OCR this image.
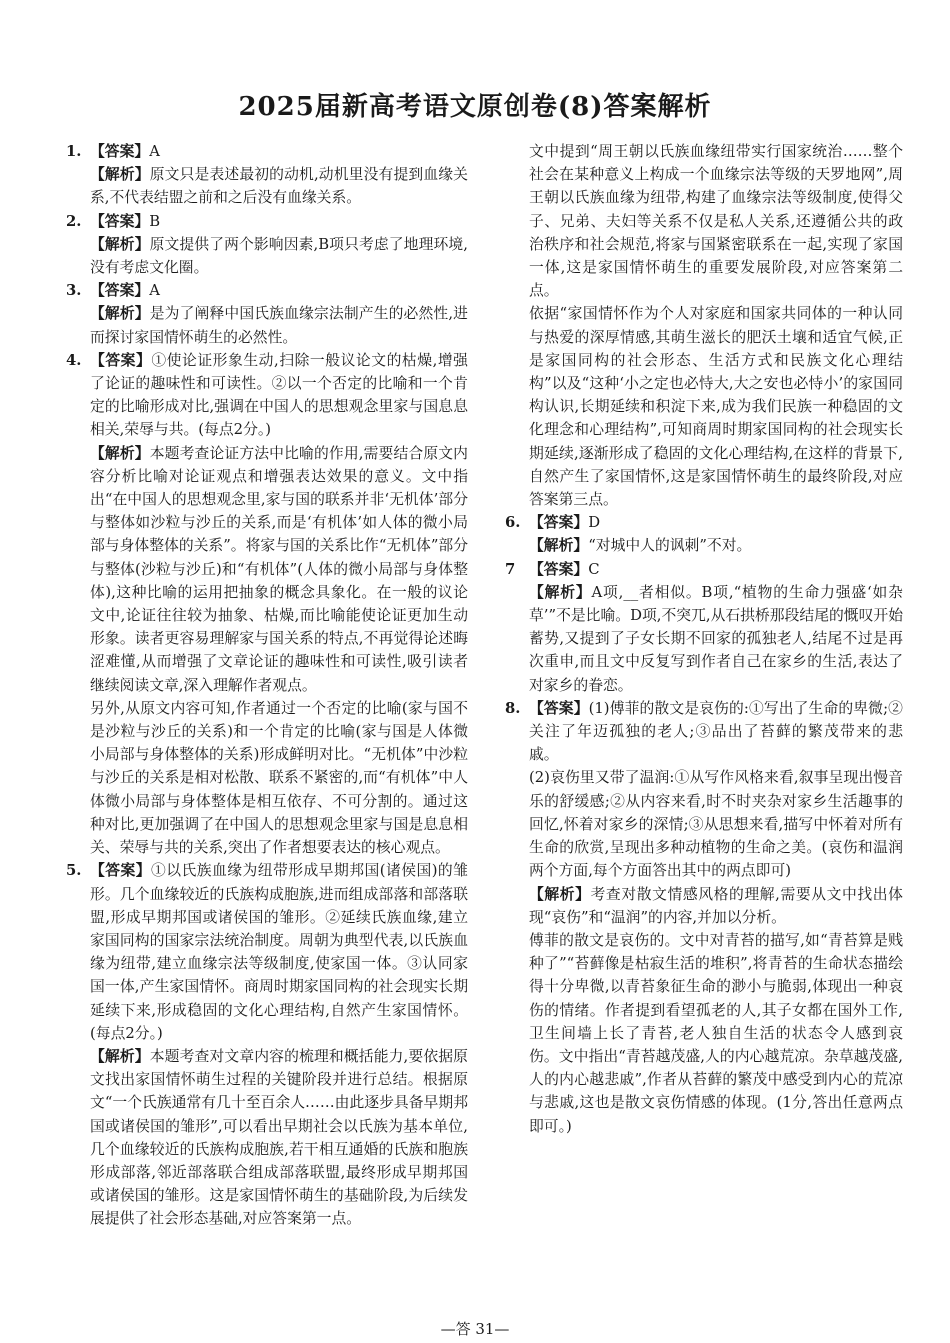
2025届新高考语文原创卷(8)答案解析
1. 【答案】A
【解析】原文只是表述最初的动机,动机里没有提到血缘关系,不代表结盟之前和之后没有血缘关系。
2. 【答案】B
【解析】原文提供了两个影响因素,B项只考虑了地理环境,没有考虑文化圈。
3. 【答案】A
【解析】是为了阐释中国氏族血缘宗法制产生的必然性,进而探讨家国情怀萌生的必然性。
4. 【答案】①使论证形象生动,扫除一般议论文的枯燥,增强了论证的趣味性和可读性。②以一个否定的比喻和一个肯定的比喻形成对比,强调在中国人的思想观念里家与国息息相关,荣辱与共。(每点2分。)
【解析】本题考查论证方法中比喻的作用,需要结合原文内容分析比喻对论证观点和增强表达效果的意义。文中指出“在中国人的思想观念里,家与国的联系并非‘无机体’部分与整体如沙粒与沙丘的关系,而是‘有机体’如人体的微小局部与身体整体的关系”。将家与国的关系比作“无机体”部分与整体(沙粒与沙丘)和“有机体”(人体的微小局部与身体整体),这种比喻的运用把抽象的概念具象化。在一般的议论文中,论证往往较为抽象、枯燥,而比喻能使论证更加生动形象。读者更容易理解家与国关系的特点,不再觉得论述晦涩难懂,从而增强了文章论证的趣味性和可读性,吸引读者继续阅读文章,深入理解作者观点。
另外,从原文内容可知,作者通过一个否定的比喻(家与国不是沙粒与沙丘的关系)和一个肯定的比喻(家与国是人体微小局部与身体整体的关系)形成鲜明对比。“无机体”中沙粒与沙丘的关系是相对松散、联系不紧密的,而“有机体”中人体微小局部与身体整体是相互依存、不可分割的。通过这种对比,更加强调了在中国人的思想观念里家与国是息息相关、荣辱与共的关系,突出了作者想要表达的核心观点。
5. 【答案】①以氏族血缘为纽带形成早期邦国(诸侯国)的雏形。几个血缘较近的氏族构成胞族,进而组成部落和部落联盟,形成早期邦国或诸侯国的雏形。②延续氏族血缘,建立家国同构的国家宗法统治制度。周朝为典型代表,以氏族血缘为纽带,建立血缘宗法等级制度,使家国一体。③认同家国一体,产生家国情怀。商周时期家国同构的社会现实长期延续下来,形成稳固的文化心理结构,自然产生家国情怀。(每点2分。)
【解析】本题考查对文章内容的梳理和概括能力,要依据原文找出家国情怀萌生过程的关键阶段并进行总结。根据原文“一个氏族通常有几十至百余人……由此逐步具备早期邦国或诸侯国的雏形”,可以看出早期社会以氏族为基本单位,几个血缘较近的氏族构成胞族,若干相互通婚的氏族和胞族形成部落,邻近部落联合组成部落联盟,最终形成早期邦国或诸侯国的雏形。这是家国情怀萌生的基础阶段,为后续发展提供了社会形态基础,对应答案第一点。
文中提到“周王朝以氏族血缘纽带实行国家统治……整个社会在某种意义上构成一个血缘宗法等级的天罗地网”,周王朝以氏族血缘为纽带,构建了血缘宗法等级制度,使得父子、兄弟、夫妇等关系不仅是私人关系,还遵循公共的政治秩序和社会规范,将家与国紧密联系在一起,实现了家国一体,这是家国情怀萌生的重要发展阶段,对应答案第二点。
依据“家国情怀作为个人对家庭和国家共同体的一种认同与热爱的深厚情感,其萌生滋长的肥沃土壤和适宜气候,正是家国同构的社会形态、生活方式和民族文化心理结构”以及“这种‘小之定也必恃大,大之安也必恃小’的家国同构认识,长期延续和积淀下来,成为我们民族一种稳固的文化理念和心理结构”,可知商周时期家国同构的社会现实长期延续,逐渐形成了稳固的文化心理结构,在这样的背景下,自然产生了家国情怀,这是家国情怀萌生的最终阶段,对应答案第三点。
6. 【答案】D
【解析】“对城中人的讽刺”不对。
7 【答案】C
【解析】A项,__者相似。B项,“植物的生命力强盛‘如杂草’”不是比喻。D项,不突兀,从石拱桥那段结尾的慨叹开始蓄势,又提到了子女长期不回家的孤独老人,结尾不过是再次重申,而且文中反复写到作者自己在家乡的生活,表达了对家乡的眷恋。
8. 【答案】(1)傅菲的散文是哀伤的:①写出了生命的卑微;②关注了年迈孤独的老人;③品出了苔藓的繁茂带来的悲戚。
(2)哀伤里又带了温润:①从写作风格来看,叙事呈现出慢音乐的舒缓感;②从内容来看,时不时夹杂对家乡生活趣事的回忆,怀着对家乡的深情;③从思想来看,描写中怀着对所有生命的欣赏,呈现出多种动植物的生命之美。(哀伤和温润两个方面,每个方面答出其中的两点即可)
【解析】考查对散文情感风格的理解,需要从文中找出体现“哀伤”和“温润”的内容,并加以分析。
傅菲的散文是哀伤的。文中对青苔的描写,如“青苔算是贱种了”“苔藓像是枯寂生活的堆积”,将青苔的生命状态描绘得十分卑微,以青苔象征生命的渺小与脆弱,体现出一种哀伤的情绪。作者提到看望孤老的人,其子女都在国外工作,卫生间墙上长了青苔,老人独自生活的状态令人感到哀伤。文中指出“青苔越茂盛,人的内心越荒凉。杂草越茂盛,人的内心越悲戚”,作者从苔藓的繁茂中感受到内心的荒凉与悲戚,这也是散文哀伤情感的体现。(1分,答出任意两点即可。)
—答 31—
